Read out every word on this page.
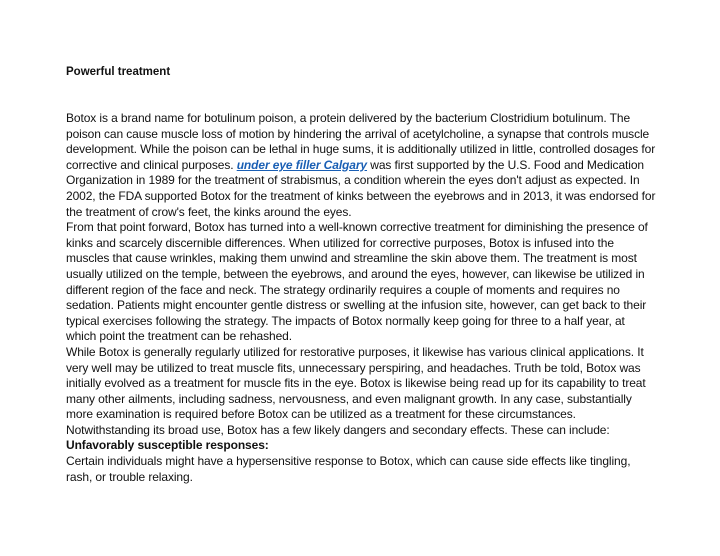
Powerful treatment

Botox is a brand name for botulinum poison, a protein delivered by the bacterium Clostridium botulinum. The poison can cause muscle loss of motion by hindering the arrival of acetylcholine, a synapse that controls muscle development. While the poison can be lethal in huge sums, it is additionally utilized in little, controlled dosages for corrective and clinical purposes. under eye filler Calgary was first supported by the U.S. Food and Medication Organization in 1989 for the treatment of strabismus, a condition wherein the eyes don't adjust as expected. In 2002, the FDA supported Botox for the treatment of kinks between the eyebrows and in 2013, it was endorsed for the treatment of crow's feet, the kinks around the eyes.

From that point forward, Botox has turned into a well-known corrective treatment for diminishing the presence of kinks and scarcely discernible differences. When utilized for corrective purposes, Botox is infused into the muscles that cause wrinkles, making them unwind and streamline the skin above them. The treatment is most usually utilized on the temple, between the eyebrows, and around the eyes, however, can likewise be utilized in different region of the face and neck. The strategy ordinarily requires a couple of moments and requires no sedation. Patients might encounter gentle distress or swelling at the infusion site, however, can get back to their typical exercises following the strategy. The impacts of Botox normally keep going for three to a half year, at which point the treatment can be rehashed.

While Botox is generally regularly utilized for restorative purposes, it likewise has various clinical applications. It very well may be utilized to treat muscle fits, unnecessary perspiring, and headaches. Truth be told, Botox was initially evolved as a treatment for muscle fits in the eye. Botox is likewise being read up for its capability to treat many other ailments, including sadness, nervousness, and even malignant growth. In any case, substantially more examination is required before Botox can be utilized as a treatment for these circumstances. Notwithstanding its broad use, Botox has a few likely dangers and secondary effects. These can include:

Unfavorably susceptible responses:

Certain individuals might have a hypersensitive response to Botox, which can cause side effects like tingling, rash, or trouble relaxing.
